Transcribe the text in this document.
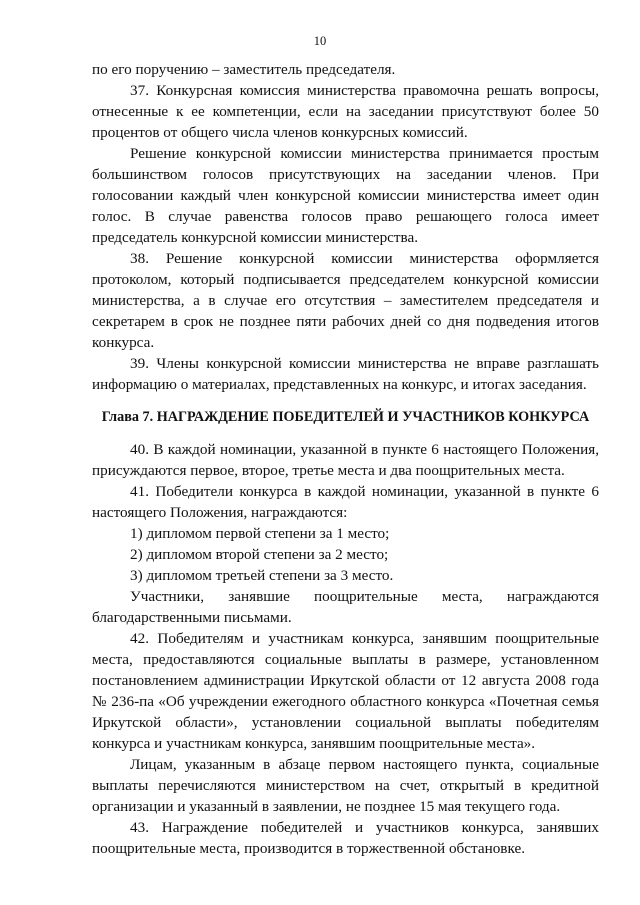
10

по его поручению – заместитель председателя.

37. Конкурсная комиссия министерства правомочна решать вопросы, отнесенные к ее компетенции, если на заседании присутствуют более 50 процентов от общего числа членов конкурсных комиссий.

Решение конкурсной комиссии министерства принимается простым большинством голосов присутствующих на заседании членов. При голосовании каждый член конкурсной комиссии министерства имеет один голос. В случае равенства голосов право решающего голоса имеет председатель конкурсной комиссии министерства.

38. Решение конкурсной комиссии министерства оформляется протоколом, который подписывается председателем конкурсной комиссии министерства, а в случае его отсутствия – заместителем председателя и секретарем в срок не позднее пяти рабочих дней со дня подведения итогов конкурса.

39. Члены конкурсной комиссии министерства не вправе разглашать информацию о материалах, представленных на конкурс, и итогах заседания.

Глава 7. НАГРАЖДЕНИЕ ПОБЕДИТЕЛЕЙ И УЧАСТНИКОВ КОНКУРСА

40. В каждой номинации, указанной в пункте 6 настоящего Положения, присуждаются первое, второе, третье места и два поощрительных места.

41. Победители конкурса в каждой номинации, указанной в пункте 6 настоящего Положения, награждаются:

1) дипломом первой степени за 1 место;

2) дипломом второй степени за 2 место;

3) дипломом третьей степени за 3 место.

Участники, занявшие поощрительные места, награждаются благодарственными письмами.

42. Победителям и участникам конкурса, занявшим поощрительные места, предоставляются социальные выплаты в размере, установленном постановлением администрации Иркутской области от 12 августа 2008 года № 236-па «Об учреждении ежегодного областного конкурса «Почетная семья Иркутской области», установлении социальной выплаты победителям конкурса и участникам конкурса, занявшим поощрительные места».

Лицам, указанным в абзаце первом настоящего пункта, социальные выплаты перечисляются министерством на счет, открытый в кредитной организации и указанный в заявлении, не позднее 15 мая текущего года.

43. Награждение победителей и участников конкурса, занявших поощрительные места, производится в торжественной обстановке.
